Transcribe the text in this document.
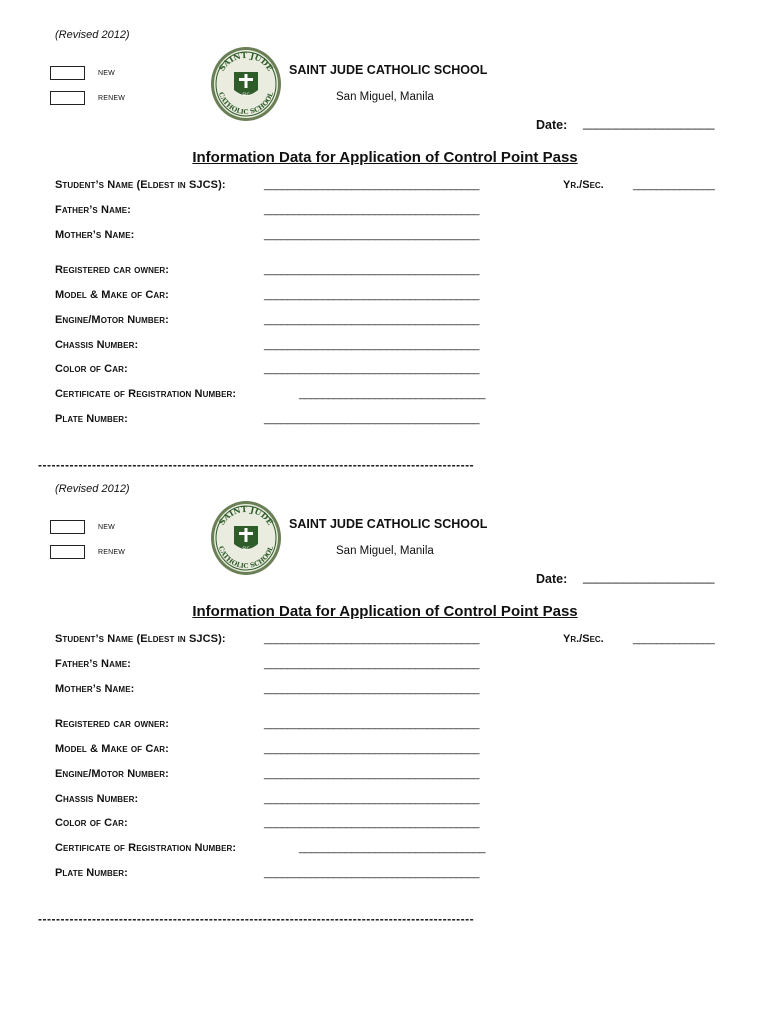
(Revised 2012)
NEW
RENEW
SAINT JUDE
CATHOLIC SCHOOL
SJC
SAINT JUDE CATHOLIC SCHOOL
San Miguel, Manila
Date: ____________________
Information Data for Application of Control Point Pass
Student’s Name (Eldest in SJCS):	_____________________________________	Yr./Sec.	______________
Father’s Name:	_____________________________________
Mother’s Name:	_____________________________________
Registered car owner:	_____________________________________
Model & Make of Car:	_____________________________________
Engine/Motor Number:	_____________________________________
Chassis Number:	_____________________________________
Color of Car:	_____________________________________
Certificate of Registration Number:	________________________________
Plate Number:	_____________________________________
-------------------------------------------------------------------------------------------------
(Revised 2012)
NEW
RENEW
SAINT JUDE
CATHOLIC SCHOOL
SJC
SAINT JUDE CATHOLIC SCHOOL
San Miguel, Manila
Date: ____________________
Information Data for Application of Control Point Pass
Student’s Name (Eldest in SJCS):	_____________________________________	Yr./Sec.	______________
Father’s Name:	_____________________________________
Mother’s Name:	_____________________________________
Registered car owner:	_____________________________________
Model & Make of Car:	_____________________________________
Engine/Motor Number:	_____________________________________
Chassis Number:	_____________________________________
Color of Car:	_____________________________________
Certificate of Registration Number:	________________________________
Plate Number:	_____________________________________
-------------------------------------------------------------------------------------------------
